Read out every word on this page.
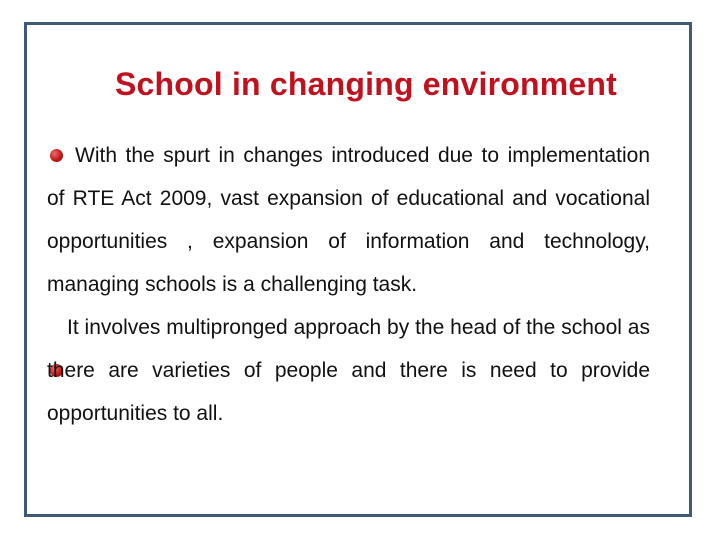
School in changing environment

With the spurt in changes introduced due to implementation of RTE Act 2009, vast expansion of educational and vocational opportunities , expansion of information and technology, managing schools is a challenging task.

It involves multipronged approach by the head of the school as there are varieties of people and there is need to provide opportunities to all.
